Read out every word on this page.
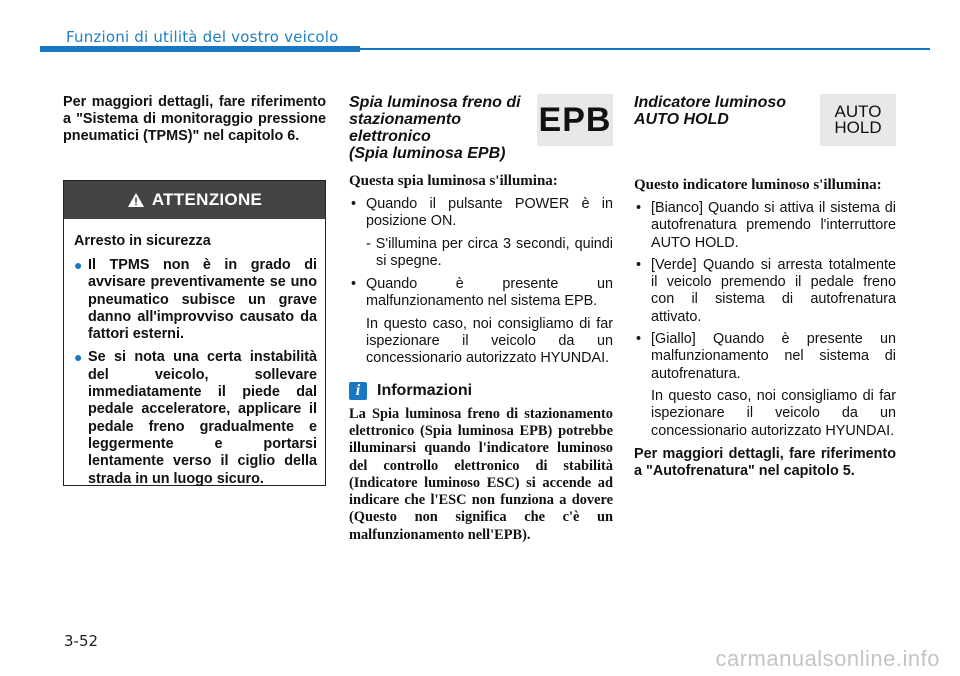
Funzioni di utilità del vostro veicolo
Per maggiori dettagli, fare riferimento a "Sistema di monitoraggio pressione pneumatici (TPMS)" nel capitolo 6.
ATTENZIONE
Arresto in sicurezza
● Il TPMS non è in grado di avvisare preventivamente se uno pneumatico subisce un grave danno all'improvviso causato da fattori esterni.
● Se si nota una certa instabilità del veicolo, sollevare immediatamente il piede dal pedale acceleratore, applicare il pedale freno gradualmente e leggermente e portarsi lentamente verso il ciglio della strada in un luogo sicuro.
Spia luminosa freno di
stazionamento
elettronico
(Spia luminosa EPB)
EPB
Questa spia luminosa s'illumina:
• Quando il pulsante POWER è in posizione ON.

- S'illumina per circa 3 secondi, quindi si spegne.

• Quando è presente un malfunzionamento nel sistema EPB.

In questo caso, noi consigliamo di far ispezionare il veicolo da un concessionario autorizzato HYUNDAI.

i	Informazioni
La Spia luminosa freno di stazionamento elettronico (Spia luminosa EPB) potrebbe illuminarsi quando l'indicatore luminoso del controllo elettronico di stabilità (Indicatore luminoso ESC) si accende ad indicare che l'ESC non funziona a dovere (Questo non significa che c'è un malfunzionamento nell'EPB).
Indicatore luminoso
AUTO HOLD	AUTO
HOLD
Questo indicatore luminoso s'illumina:
• [Bianco] Quando si attiva il sistema di autofrenatura premendo l'interruttore AUTO HOLD.
• [Verde] Quando si arresta totalmente il veicolo premendo il pedale freno con il sistema di autofrenatura attivato.
• [Giallo] Quando è presente un malfunzionamento nel sistema di autofrenatura.

In questo caso, noi consigliamo di far ispezionare il veicolo da un concessionario autorizzato HYUNDAI.

Per maggiori dettagli, fare riferimento a "Autofrenatura" nel capitolo 5.
3-52
carmanualsonline.info
